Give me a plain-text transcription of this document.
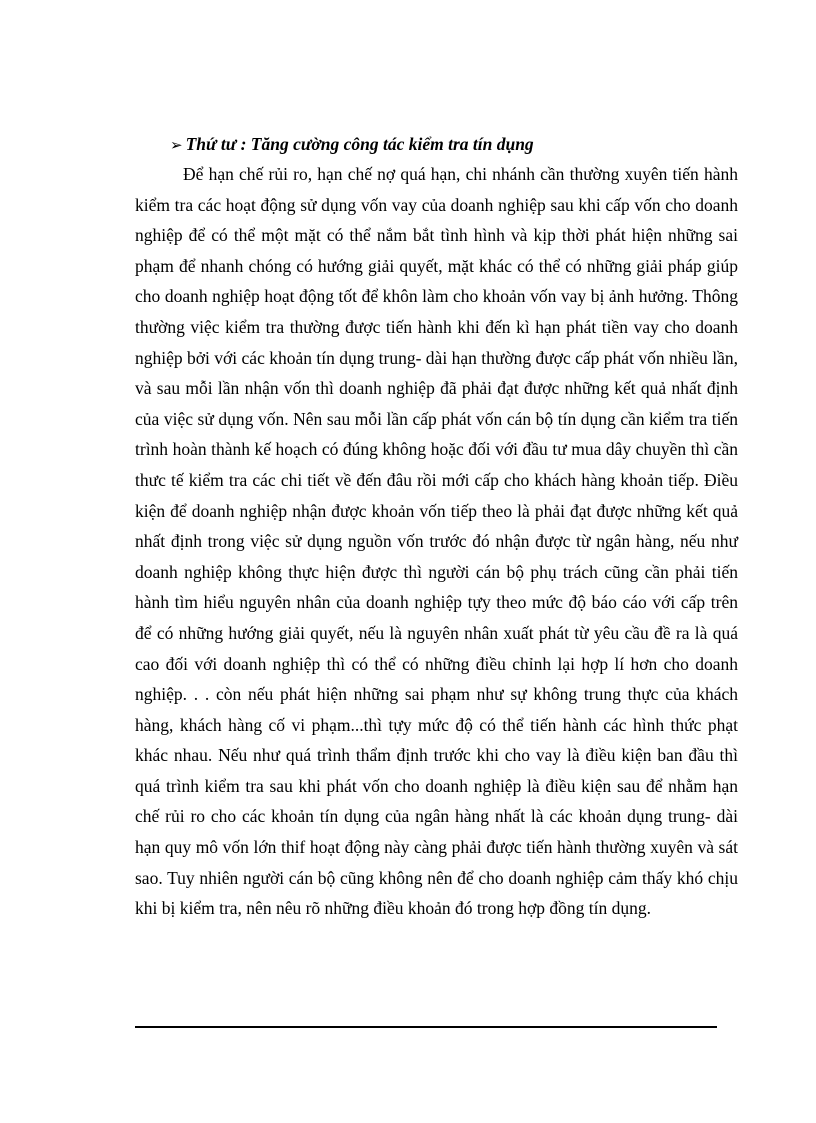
➢ Thứ tư : Tăng cường công tác kiểm tra tín dụng

Để hạn chế rủi ro, hạn chế nợ quá hạn, chi nhánh cần thường xuyên tiến hành kiểm tra các hoạt động sử dụng vốn vay của doanh nghiệp sau khi cấp vốn cho doanh nghiệp để có thể một mặt có thể nắm bắt tình hình và kịp thời phát hiện những sai phạm để nhanh chóng có hướng giải quyết, mặt khác có thể có những giải pháp giúp cho doanh nghiệp hoạt động tốt để khôn làm cho khoản vốn vay bị ảnh hưởng. Thông thường việc kiểm tra thường được tiến hành khi đến kì hạn phát tiền vay cho doanh nghiệp bởi với các khoản tín dụng trung- dài hạn thường được cấp phát vốn nhiều lần, và sau mỗi lần nhận vốn thì doanh nghiệp đã phải đạt được những kết quả nhất định của việc sử dụng vốn. Nên sau mỗi lần cấp phát vốn cán bộ tín dụng cần kiểm tra tiến trình hoàn thành kế hoạch có đúng không hoặc đối với đầu tư mua dây chuyền thì cần thưc tế kiểm tra các chi tiết về đến đâu rồi mới cấp cho khách hàng khoản tiếp. Điều kiện để doanh nghiệp nhận được khoản vốn tiếp theo là phải đạt được những kết quả nhất định trong việc sử dụng nguồn vốn trước đó nhận được từ ngân hàng, nếu như doanh nghiệp không thực hiện được thì người cán bộ phụ trách cũng cần phải tiến hành tìm hiểu nguyên nhân của doanh nghiệp tựy theo mức độ báo cáo với cấp trên để có những hướng giải quyết, nếu là nguyên nhân xuất phát từ yêu cầu đề ra là quá cao đối với doanh nghiệp thì có thể có những điều chỉnh lại hợp lí hơn cho doanh nghiệp. . . còn nếu phát hiện những sai phạm như sự không trung thực của khách hàng, khách hàng cố vi phạm...thì tựy mức độ có thể tiến hành các hình thức phạt khác nhau. Nếu như quá trình thẩm định trước khi cho vay là điều kiện ban đầu thì quá trình kiểm tra sau khi phát vốn cho doanh nghiệp là điều kiện sau để nhằm hạn chế rủi ro cho các khoản tín dụng của ngân hàng nhất là các khoản dụng trung- dài hạn quy mô vốn lớn thif hoạt động này càng phải được tiến hành thường xuyên và sát sao. Tuy nhiên người cán bộ cũng không nên để cho doanh nghiệp cảm thấy khó chịu khi bị kiểm tra, nên nêu rõ những điều khoản đó trong hợp đồng tín dụng.
